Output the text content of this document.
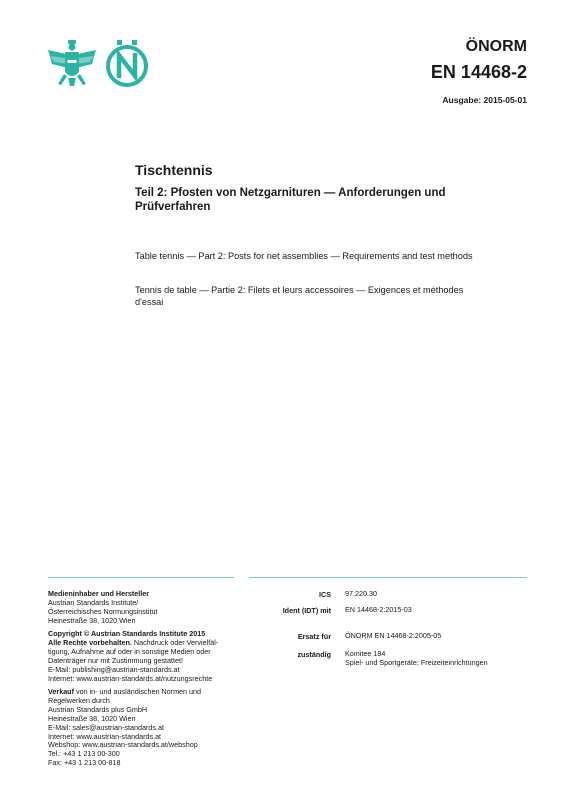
ÖNORM
EN 14468-2
Ausgabe: 2015-05-01
Tischtennis
Teil 2: Pfosten von Netzgarnituren — Anforderungen und Prüfverfahren
Table tennis — Part 2: Posts for net assemblies — Requirements and test methods
Tennis de table — Partie 2: Filets et leurs accessoires — Exigences et méthodes d'essai
Medieninhaber und Hersteller
Austrian Standards Institute/
Österreichisches Normungsinstitut
Heinestraße 38, 1020 Wien
Copyright © Austrian Standards Institute 2015
Alle Rechte vorbehalten. Nachdruck oder Vervielfäl-
tigung, Aufnahme auf oder in sonstige Medien oder
Datenträger nur mit Zustimmung gestattet!
E-Mail: publishing@austrian-standards.at
Internet: www.austrian-standards.at/nutzungsrechte
Verkauf von in- und ausländischen Normen und
Regelwerken durch
Austrian Standards plus GmbH
Heinestraße 38, 1020 Wien
E-Mail: sales@austrian-standards.at
Internet: www.austrian-standards.at
Webshop: www.austrian-standards.at/webshop
Tel.: +43 1 213 00-300
Fax: +43 1 213 00-818
ICS 97.220.30
Ident (IDT) mit EN 14468-2:2015-03
Ersatz für ÖNORM EN 14468-2:2005-05
zuständig Komitee 184
Spiel- und Sportgeräte; Freizeiteinrichtungen
